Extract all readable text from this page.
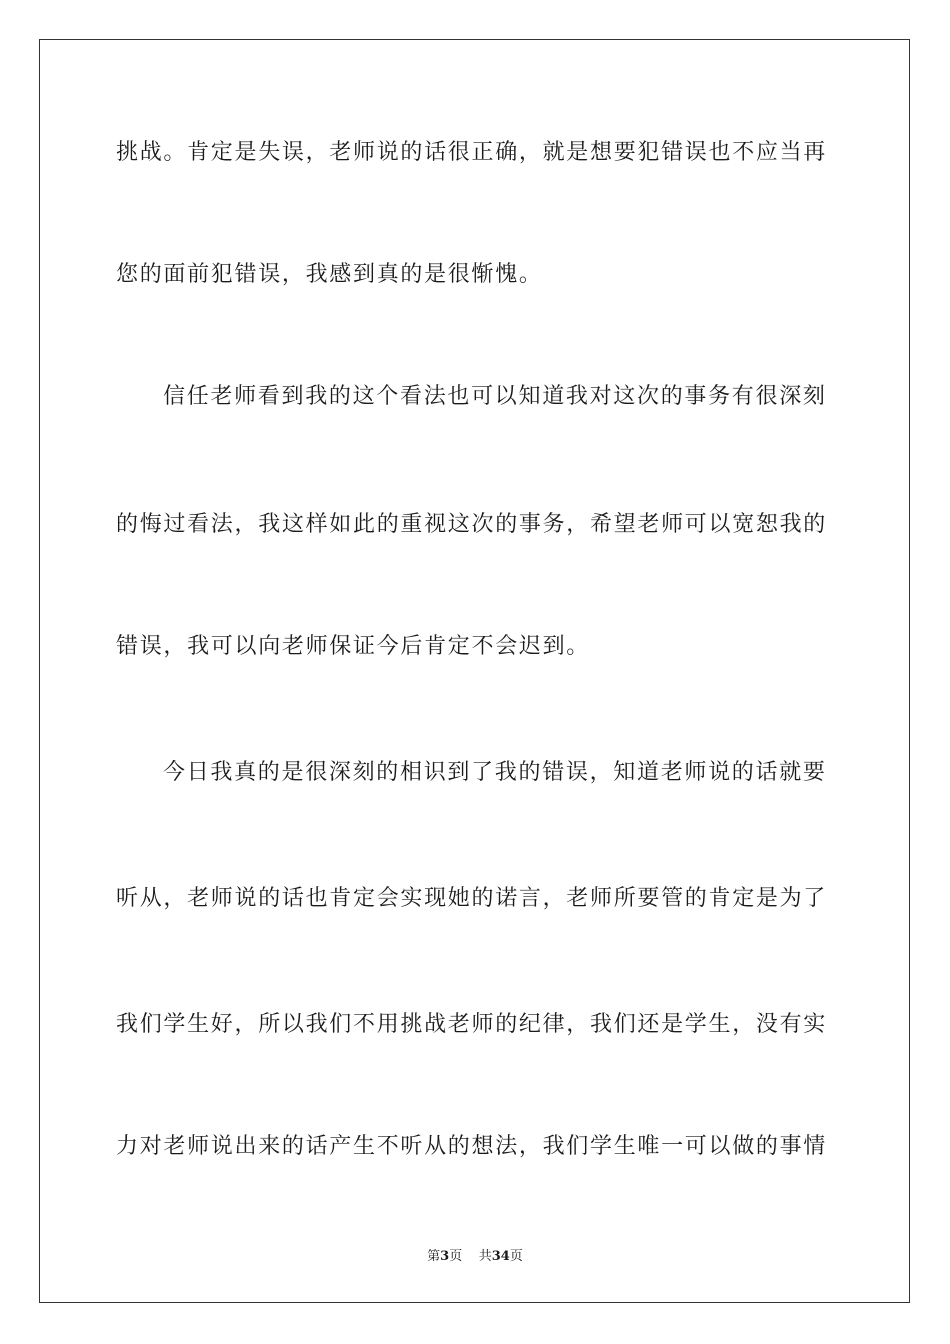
挑战。肯定是失误，老师说的话很正确，就是想要犯错误也不应当再
您的面前犯错误，我感到真的是很惭愧。
信任老师看到我的这个看法也可以知道我对这次的事务有很深刻
的悔过看法，我这样如此的重视这次的事务，希望老师可以宽恕我的
错误，我可以向老师保证今后肯定不会迟到。
今日我真的是很深刻的相识到了我的错误，知道老师说的话就要
听从，老师说的话也肯定会实现她的诺言，老师所要管的肯定是为了
我们学生好，所以我们不用挑战老师的纪律，我们还是学生，没有实
力对老师说出来的话产生不听从的想法，我们学生唯一可以做的事情
第3页 共34页
